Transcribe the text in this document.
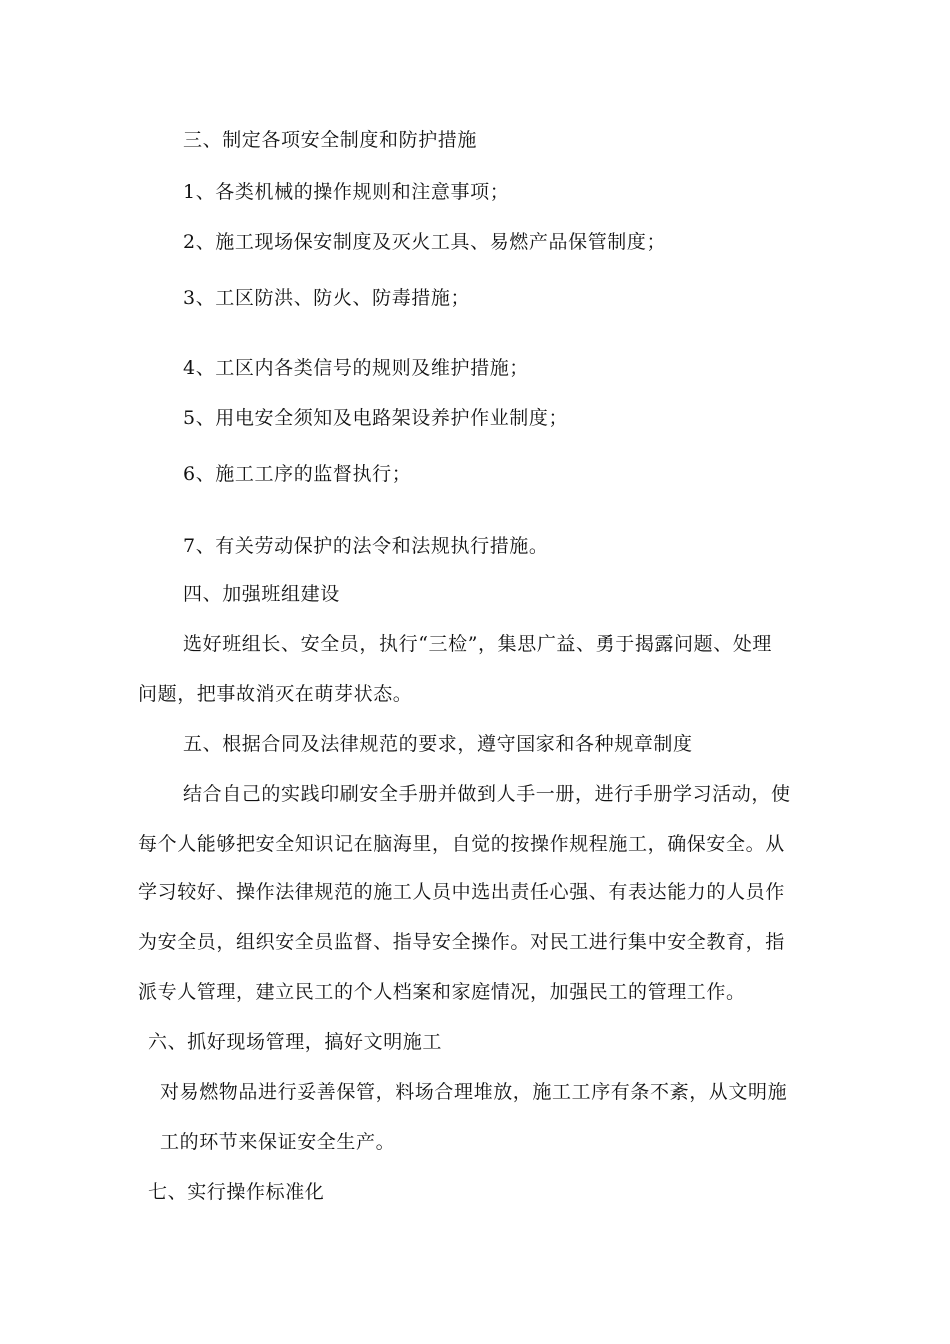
三、制定各项安全制度和防护措施
1、各类机械的操作规则和注意事项；
2、施工现场保安制度及灭火工具、易燃产品保管制度；
3、工区防洪、防火、防毒措施；
4、工区内各类信号的规则及维护措施；
5、用电安全须知及电路架设养护作业制度；
6、施工工序的监督执行；
7、有关劳动保护的法令和法规执行措施。
四、加强班组建设
选好班组长、安全员，执行“三检”，集思广益、勇于揭露问题、处理
问题，把事故消灭在萌芽状态。
五、根据合同及法律规范的要求，遵守国家和各种规章制度
结合自己的实践印刷安全手册并做到人手一册，进行手册学习活动，使
每个人能够把安全知识记在脑海里，自觉的按操作规程施工，确保安全。从
学习较好、操作法律规范的施工人员中选出责任心强、有表达能力的人员作
为安全员，组织安全员监督、指导安全操作。对民工进行集中安全教育，指
派专人管理，建立民工的个人档案和家庭情况，加强民工的管理工作。
六、抓好现场管理，搞好文明施工
对易燃物品进行妥善保管，料场合理堆放，施工工序有条不紊，从文明施
工的环节来保证安全生产。
七、实行操作标准化
